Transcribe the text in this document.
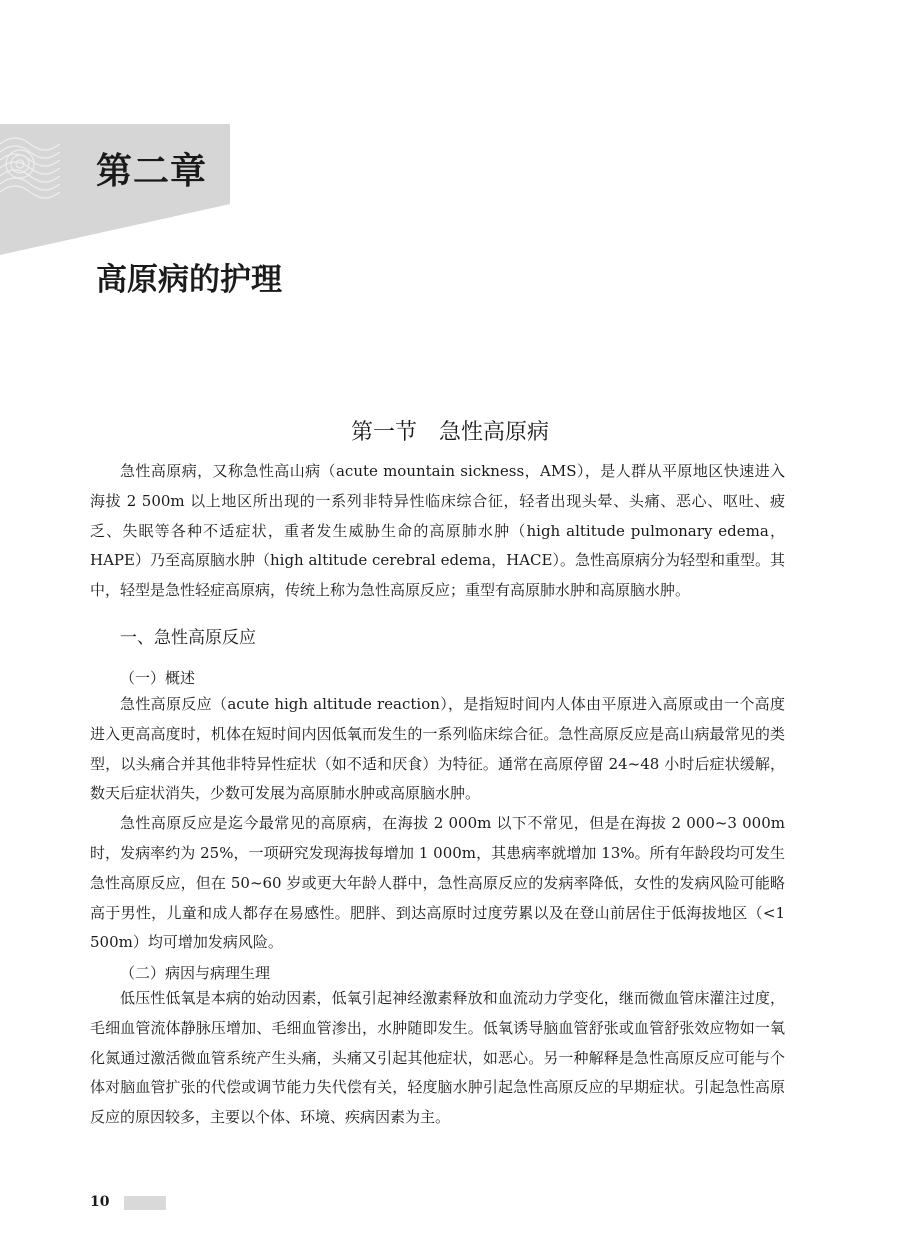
第二章
高原病的护理
第一节　急性高原病

急性高原病，又称急性高山病（acute mountain sickness，AMS），是人群从平原地区快速进入海拔 2 500m 以上地区所出现的一系列非特异性临床综合征，轻者出现头晕、头痛、恶心、呕吐、疲乏、失眠等各种不适症状，重者发生威胁生命的高原肺水肿（high altitude pulmonary edema，HAPE）乃至高原脑水肿（high altitude cerebral edema，HACE）。急性高原病分为轻型和重型。其中，轻型是急性轻症高原病，传统上称为急性高原反应；重型有高原肺水肿和高原脑水肿。

一、急性高原反应
（一）概述

急性高原反应（acute high altitude reaction），是指短时间内人体由平原进入高原或由一个高度进入更高高度时，机体在短时间内因低氧而发生的一系列临床综合征。急性高原反应是高山病最常见的类型，以头痛合并其他非特异性症状（如不适和厌食）为特征。通常在高原停留 24~48 小时后症状缓解，数天后症状消失，少数可发展为高原肺水肿或高原脑水肿。

急性高原反应是迄今最常见的高原病，在海拔 2 000m 以下不常见，但是在海拔 2 000~3 000m 时，发病率约为 25%，一项研究发现海拔每增加 1 000m，其患病率就增加 13%。所有年龄段均可发生急性高原反应，但在 50~60 岁或更大年龄人群中，急性高原反应的发病率降低，女性的发病风险可能略高于男性，儿童和成人都存在易感性。肥胖、到达高原时过度劳累以及在登山前居住于低海拔地区（<1 500m）均可增加发病风险。

（二）病因与病理生理

低压性低氧是本病的始动因素，低氧引起神经激素释放和血流动力学变化，继而微血管床灌注过度，毛细血管流体静脉压增加、毛细血管渗出，水肿随即发生。低氧诱导脑血管舒张或血管舒张效应物如一氧化氮通过激活微血管系统产生头痛，头痛又引起其他症状，如恶心。另一种解释是急性高原反应可能与个体对脑血管扩张的代偿或调节能力失代偿有关，轻度脑水肿引起急性高原反应的早期症状。引起急性高原反应的原因较多，主要以个体、环境、疾病因素为主。

10
